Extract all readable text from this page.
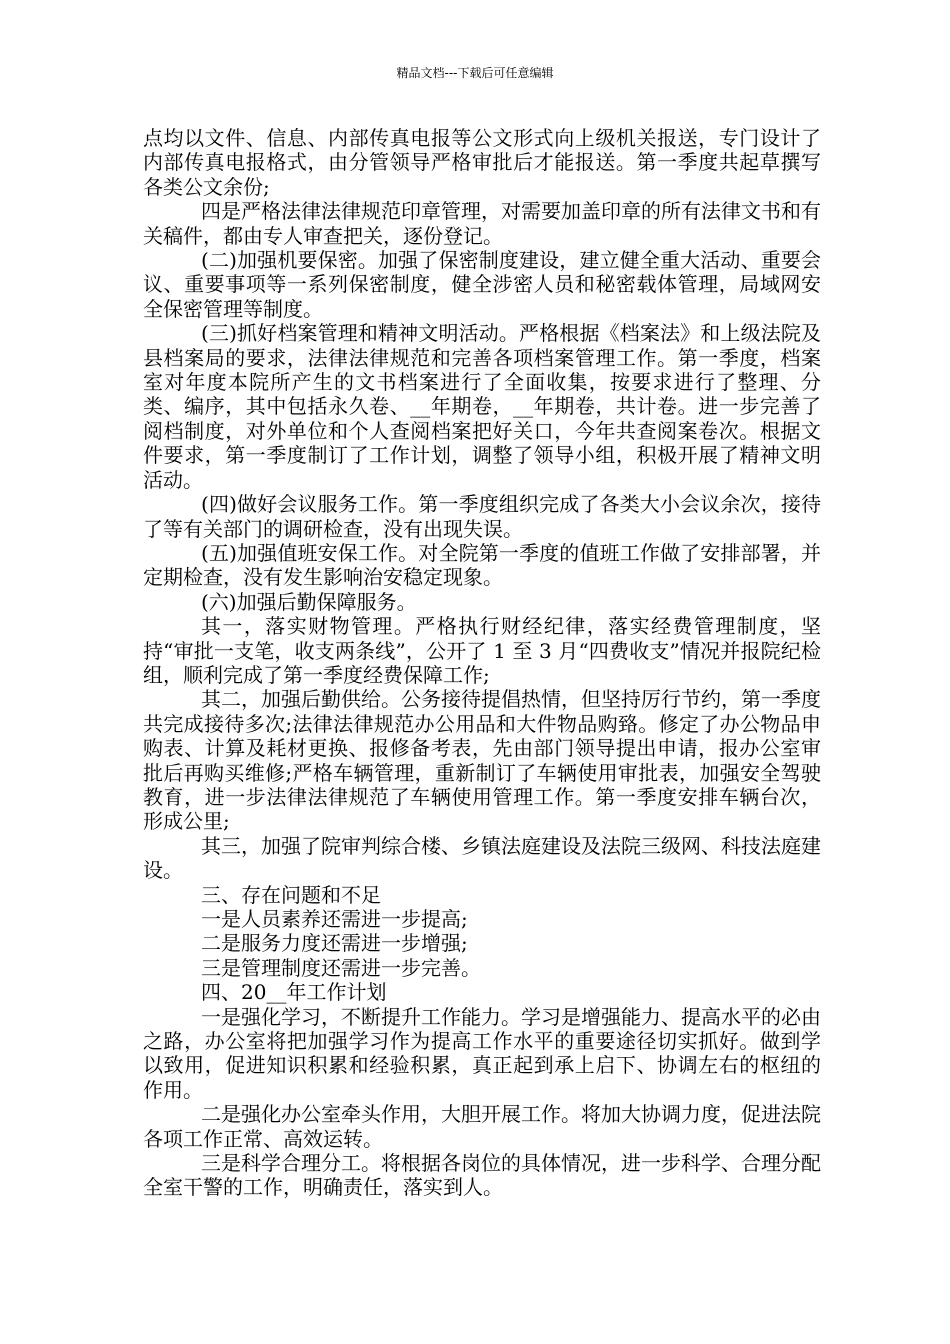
精品文档---下载后可任意编辑

点均以文件、信息、内部传真电报等公文形式向上级机关报送，专门设计了内部传真电报格式，由分管领导严格审批后才能报送。第一季度共起草撰写各类公文余份;

四是严格法律法律规范印章管理，对需要加盖印章的所有法律文书和有关稿件，都由专人审查把关，逐份登记。

(二)加强机要保密。加强了保密制度建设，建立健全重大活动、重要会议、重要事项等一系列保密制度，健全涉密人员和秘密载体管理，局域网安全保密管理等制度。

(三)抓好档案管理和精神文明活动。严格根据《档案法》和上级法院及县档案局的要求，法律法律规范和完善各项档案管理工作。第一季度，档案室对年度本院所产生的文书档案进行了全面收集，按要求进行了整理、分类、编序，其中包括永久卷、__年期卷，__年期卷，共计卷。进一步完善了阅档制度，对外单位和个人查阅档案把好关口，今年共查阅案卷次。根据文件要求，第一季度制订了工作计划，调整了领导小组，积极开展了精神文明活动。

(四)做好会议服务工作。第一季度组织完成了各类大小会议余次，接待了等有关部门的调研检查，没有出现失误。

(五)加强值班安保工作。对全院第一季度的值班工作做了安排部署，并定期检查，没有发生影响治安稳定现象。

(六)加强后勤保障服务。

其一，落实财物管理。严格执行财经纪律，落实经费管理制度，坚持“审批一支笔，收支两条线”，公开了 1 至 3 月“四费收支”情况并报院纪检组，顺利完成了第一季度经费保障工作;

其二，加强后勤供给。公务接待提倡热情，但坚持厉行节约，第一季度共完成接待多次;法律法律规范办公用品和大件物品购臵。修定了办公物品申购表、计算及耗材更换、报修备考表，先由部门领导提出申请，报办公室审批后再购买维修;严格车辆管理，重新制订了车辆使用审批表，加强安全驾驶教育，进一步法律法律规范了车辆使用管理工作。第一季度安排车辆台次，形成公里;

其三，加强了院审判综合楼、乡镇法庭建设及法院三级网、科技法庭建设。

三、存在问题和不足

一是人员素养还需进一步提高;

二是服务力度还需进一步增强;

三是管理制度还需进一步完善。

四、20__年工作计划

一是强化学习，不断提升工作能力。学习是增强能力、提高水平的必由之路，办公室将把加强学习作为提高工作水平的重要途径切实抓好。做到学以致用，促进知识积累和经验积累，真正起到承上启下、协调左右的枢纽的作用。

二是强化办公室牵头作用，大胆开展工作。将加大协调力度，促进法院各项工作正常、高效运转。

三是科学合理分工。将根据各岗位的具体情况，进一步科学、合理分配全室干警的工作，明确责任，落实到人。
